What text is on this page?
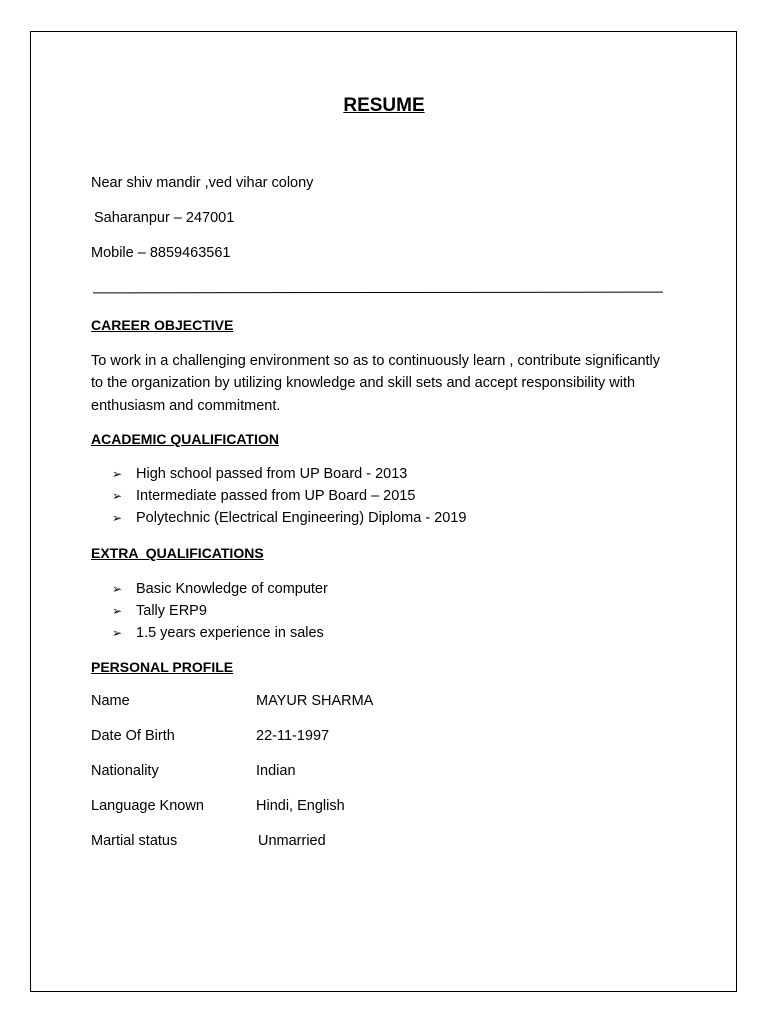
RESUME
Near shiv mandir ,ved vihar colony
Saharanpur – 247001
Mobile – 8859463561
CAREER OBJECTIVE
To work in a challenging environment so as to continuously learn , contribute significantly to the organization by utilizing knowledge and skill sets and accept responsibility with enthusiasm and commitment.
ACADEMIC QUALIFICATION
➢ High school passed from UP Board - 2013
➢ Intermediate passed from UP Board – 2015
➢ Polytechnic (Electrical Engineering) Diploma - 2019
EXTRA  QUALIFICATIONS
➢ Basic Knowledge of computer
➢ Tally ERP9
➢ 1.5 years experience in sales
PERSONAL PROFILE
Name	MAYUR SHARMA
Date Of Birth	22-11-1997
Nationality	Indian
Language Known	Hindi, English
Martial status	Unmarried
